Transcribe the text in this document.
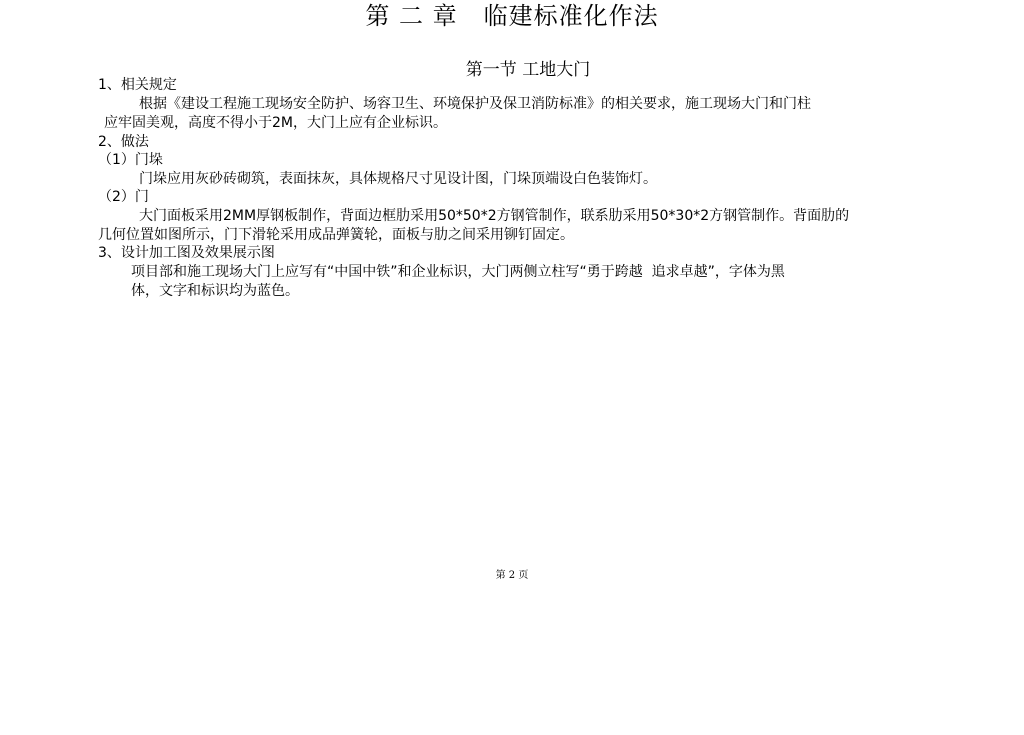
第 二 章   临建标准化作法
第一节 工地大门
1、相关规定
根据《建设工程施工现场安全防护、场容卫生、环境保护及保卫消防标准》的相关要求，施工现场大门和门柱
应牢固美观，高度不得小于2M，大门上应有企业标识。
2、做法
（1）门垛
门垛应用灰砂砖砌筑，表面抹灰，具体规格尺寸见设计图，门垛顶端设白色装饰灯。
（2）门
大门面板采用2MM厚钢板制作，背面边框肋采用50*50*2方钢管制作，联系肋采用50*30*2方钢管制作。背面肋的
几何位置如图所示，门下滑轮采用成品弹簧轮，面板与肋之间采用铆钉固定。
3、设计加工图及效果展示图
项目部和施工现场大门上应写有“中国中铁”和企业标识，大门两侧立柱写“勇于跨越  追求卓越”，字体为黑
体，文字和标识均为蓝色。
第 2 页
